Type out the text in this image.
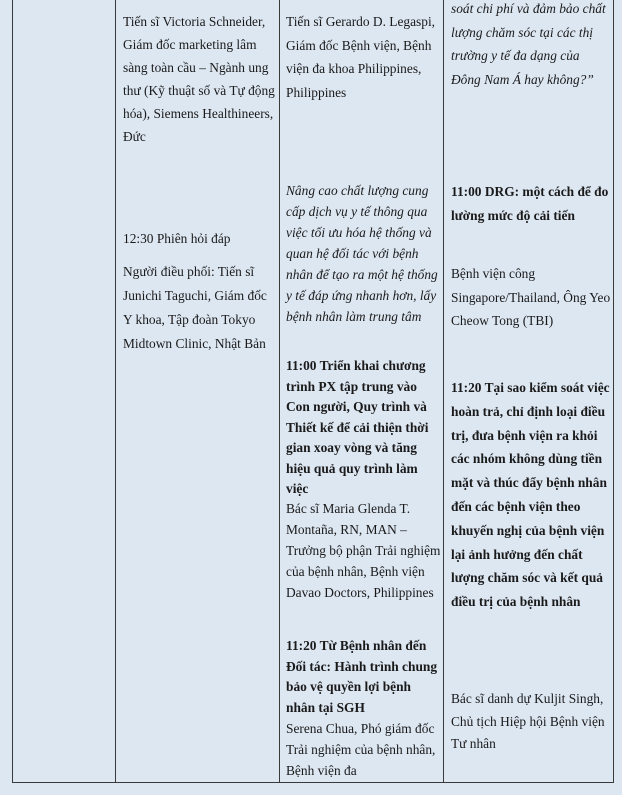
Tiến sĩ Victoria Schneider, Giám đốc marketing lâm sàng toàn cầu – Ngành ung thư (Kỹ thuật số và Tự động hóa), Siemens Healthineers, Đức

12:30 Phiên hỏi đáp

Người điều phối: Tiến sĩ Junichi Taguchi, Giám đốc Y khoa, Tập đoàn Tokyo Midtown Clinic, Nhật Bản

Tiến sĩ Gerardo D. Legaspi, Giám đốc Bệnh viện, Bệnh viện đa khoa Philippines, Philippines

Nâng cao chất lượng cung cấp dịch vụ y tế thông qua việc tối ưu hóa hệ thống và quan hệ đối tác với bệnh nhân để tạo ra một hệ thống y tế đáp ứng nhanh hơn, lấy bệnh nhân làm trung tâm

11:00 Triển khai chương trình PX tập trung vào Con người, Quy trình và Thiết kế để cải thiện thời gian xoay vòng và tăng hiệu quả quy trình làm việc

Bác sĩ Maria Glenda T. Montaña, RN, MAN – Trưởng bộ phận Trải nghiệm của bệnh nhân, Bệnh viện Davao Doctors, Philippines

11:20 Từ Bệnh nhân đến Đối tác: Hành trình chung bảo vệ quyền lợi bệnh nhân tại SGH

Serena Chua, Phó giám đốc Trải nghiệm của bệnh nhân, Bệnh viện đa

soát chi phí và đảm bảo chất lượng chăm sóc tại các thị trường y tế đa dạng của Đông Nam Á hay không?”

11:00 DRG: một cách để đo lường mức độ cải tiến

Bệnh viện công Singapore/Thailand, Ông Yeo Cheow Tong (TBI)

11:20 Tại sao kiểm soát việc hoàn trả, chỉ định loại điều trị, đưa bệnh viện ra khỏi các nhóm không dùng tiền mặt và thúc đẩy bệnh nhân đến các bệnh viện theo khuyến nghị của bệnh viện lại ảnh hưởng đến chất lượng chăm sóc và kết quả điều trị của bệnh nhân

Bác sĩ danh dự Kuljit Singh, Chủ tịch Hiệp hội Bệnh viện Tư nhân
